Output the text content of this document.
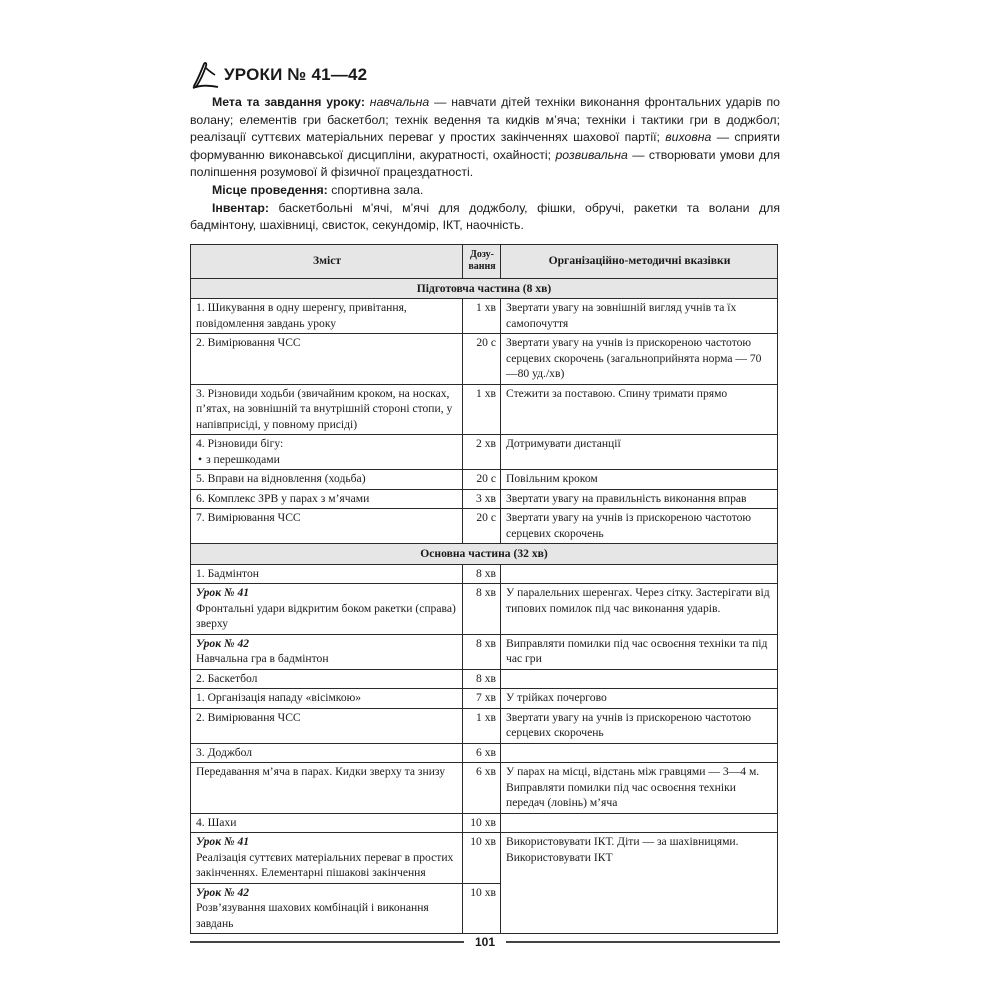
УРОКИ № 41—42

Мета та завдання уроку: навчальна — навчати дітей техніки виконання фронтальних ударів по волану; елементів гри баскетбол; технік ведення та кидків м’яча; техніки і тактики гри в доджбол; реалізації суттєвих матеріальних переваг у простих закінченнях шахової партії; виховна — сприяти формуванню виконавської дисципліни, акуратності, охайності; розвивальна — створювати умови для поліпшення розумової й фізичної працездатності.

Місце проведення: спортивна зала.

Інвентар: баскетбольні м’ячі, м’ячі для доджболу, фішки, обручі, ракетки та волани для бадмінтону, шахівниці, свисток, секундомір, ІКТ, наочність.

Зміст	Дозу- вання	Організаційно-методичні вказівки
Підготовча частина (8 хв)		
1. Шикування в одну шеренгу, привітання, повідомлення завдань уроку	1 хв	Звертати увагу на зовнішній вигляд учнів та їх самопочуття
2. Вимірювання ЧСС	20 с	Звертати увагу на учнів із прискореною частотою серцевих скорочень (загальноприйнята норма — 70—80 уд./хв)
3. Різновиди ходьби (звичайним кроком, на носках, п’ятах, на зовнішній та внутрішній стороні стопи, у напівприсіді, у повному присіді)	1 хв	Стежити за поставою. Спину тримати прямо

4. Різновиди бігу:
• з перешкодами	2 хв	Дотримувати дистанції
5. Вправи на відновлення (ходьба)	20 с	Повільним кроком
6. Комплекс ЗРВ у парах з м’ячами	3 хв	Звертати увагу на правильність виконання вправ
7. Вимірювання ЧСС	20 с	Звертати увагу на учнів із прискореною частотою серцевих скорочень
Основна частина (32 хв)		
1. Бадмінтон	8 хв	

Урок № 41
Фронтальні удари відкритим боком ракетки (справа) зверху	8 хв	У паралельних шеренгах. Через сітку. Застерігати від типових помилок під час виконання ударів.

Урок № 42
Навчальна гра в бадмінтон	8 хв	Виправляти помилки під час освоєння техніки та під час гри
2. Баскетбол	8 хв	
1. Організація нападу «вісімкою»	7 хв	У трійках почергово
2. Вимірювання ЧСС	1 хв	Звертати увагу на учнів із прискореною частотою серцевих скорочень
3. Доджбол	6 хв	
Передавання м’яча в парах. Кидки зверху та знизу	6 хв	У парах на місці, відстань між гравцями — 3—4 м. Виправляти помилки під час освоєння техніки передач (ловінь) м’яча
4. Шахи	10 хв	

Урок № 41
Реалізація суттєвих матеріальних переваг в простих закінченнях. Елементарні пішакові закінчення	10 хв	Використовувати ІКТ. Діти — за шахівницями. Використовувати ІКТ

Урок № 42
Розв’язування шахових комбінацій і виконання завдань	10 хв	
101
